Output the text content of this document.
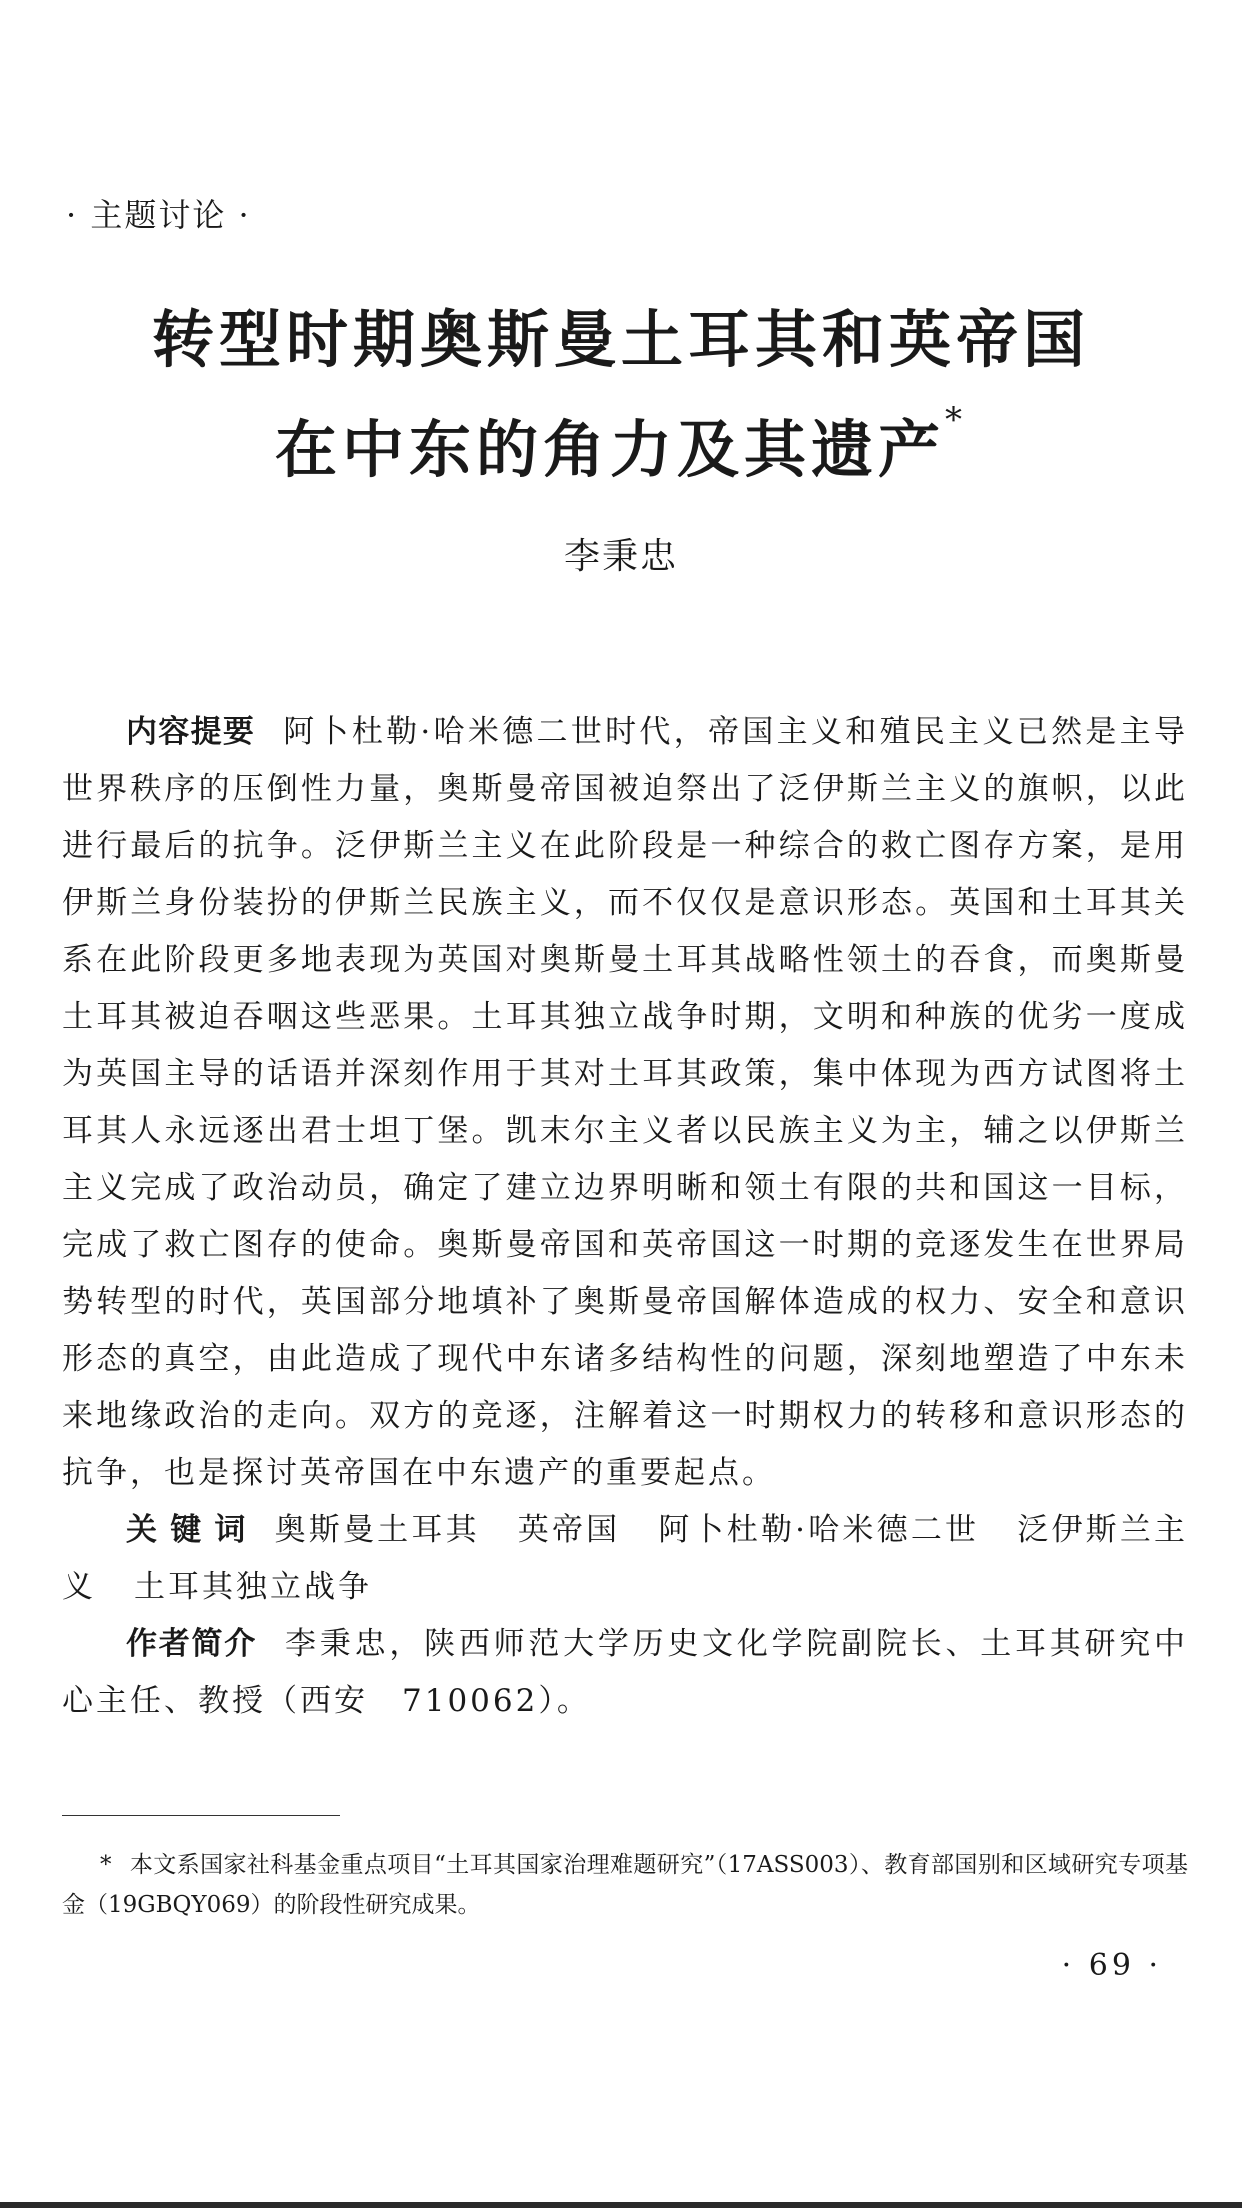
· 主题讨论 ·
转型时期奥斯曼土耳其和英帝国
在中东的角力及其遗产*
李秉忠

内容提要 阿卜杜勒·哈米德二世时代，帝国主义和殖民主义已然是主导世界秩序的压倒性力量，奥斯曼帝国被迫祭出了泛伊斯兰主义的旗帜，以此进行最后的抗争。泛伊斯兰主义在此阶段是一种综合的救亡图存方案，是用伊斯兰身份装扮的伊斯兰民族主义，而不仅仅是意识形态。英国和土耳其关系在此阶段更多地表现为英国对奥斯曼土耳其战略性领土的吞食，而奥斯曼土耳其被迫吞咽这些恶果。土耳其独立战争时期，文明和种族的优劣一度成为英国主导的话语并深刻作用于其对土耳其政策，集中体现为西方试图将土耳其人永远逐出君士坦丁堡。凯末尔主义者以民族主义为主，辅之以伊斯兰主义完成了政治动员，确定了建立边界明晰和领土有限的共和国这一目标，完成了救亡图存的使命。奥斯曼帝国和英帝国这一时期的竞逐发生在世界局势转型的时代，英国部分地填补了奥斯曼帝国解体造成的权力、安全和意识形态的真空，由此造成了现代中东诸多结构性的问题，深刻地塑造了中东未来地缘政治的走向。双方的竞逐，注解着这一时期权力的转移和意识形态的抗争，也是探讨英帝国在中东遗产的重要起点。

关 键 词 奥斯曼土耳其 英帝国 阿卜杜勒·哈米德二世 泛伊斯兰主义 土耳其独立战争

作者简介 李秉忠，陕西师范大学历史文化学院副院长、土耳其研究中心主任、教授（西安　710062）。

* 本文系国家社科基金重点项目“土耳其国家治理难题研究”（17ASS003）、教育部国别和区域研究专项基金（19GBQY069）的阶段性研究成果。
· 69 ·
